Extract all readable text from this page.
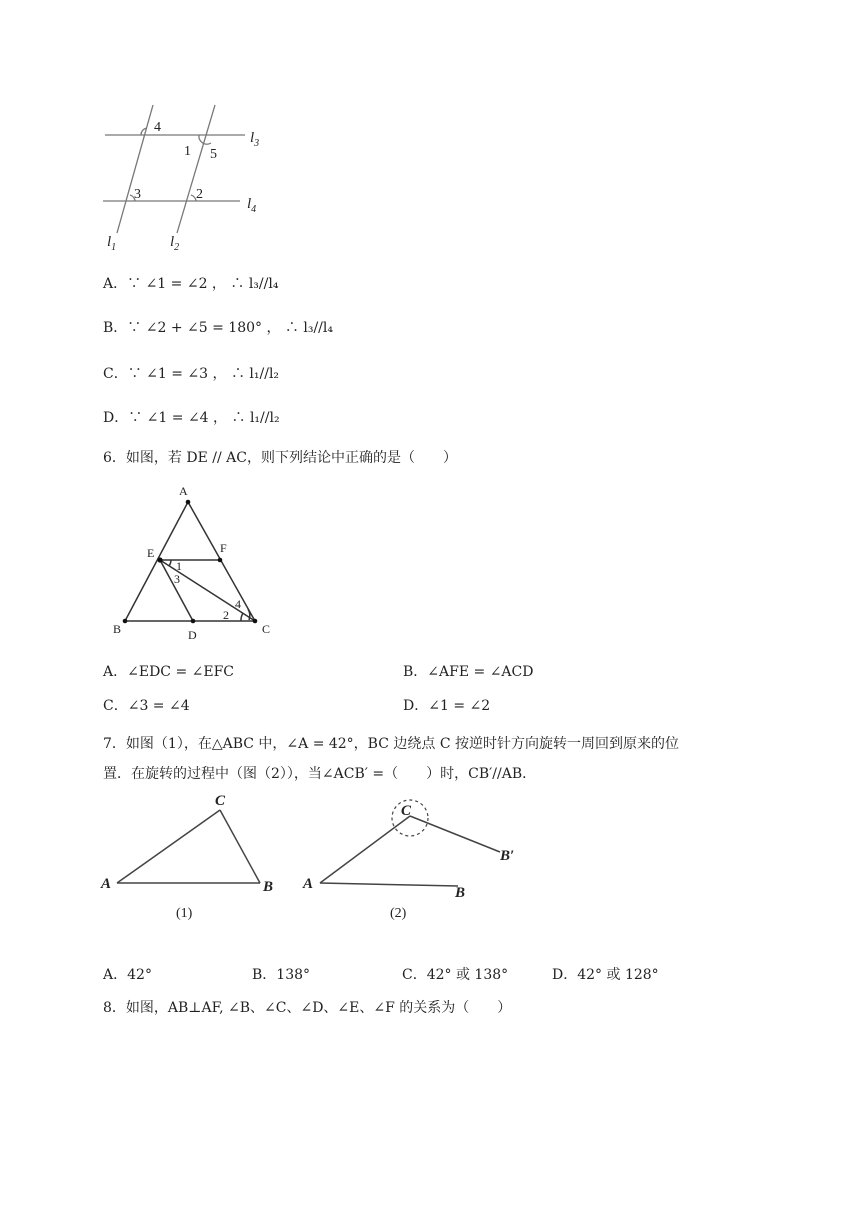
4
1 5
3	2
$l_3$
$l_4$
$l_1$	$l_2$
A．∵ ∠1 = ∠2 ， ∴ l₃//l₄
B．∵ ∠2 + ∠5 = 180° ， ∴ l₃//l₄
C．∵ ∠1 = ∠3 ， ∴ l₁//l₂
D．∵ ∠1 = ∠4 ， ∴ l₁//l₂
6．如图，若 DE // AC，则下列结论中正确的是（　　）
A
E	F
B	D	C
1
3
2
4
A．∠EDC = ∠EFC	B．∠AFE = ∠ACD
C．∠3 = ∠4	D．∠1 = ∠2
7．如图（1），在△ABC 中，∠A = 42°，BC 边绕点 C 按逆时针方向旋转一周回到原来的位
置．在旋转的过程中（图（2）），当∠ACB′ =（　　）时，CB′//AB．
A	B
C
(1)
A
B
C
B′
(2)
A．42°	B．138°	C．42° 或 138°	D．42° 或 128°
8．如图，AB⊥AF, ∠B、∠C、∠D、∠E、∠F 的关系为（　　）
